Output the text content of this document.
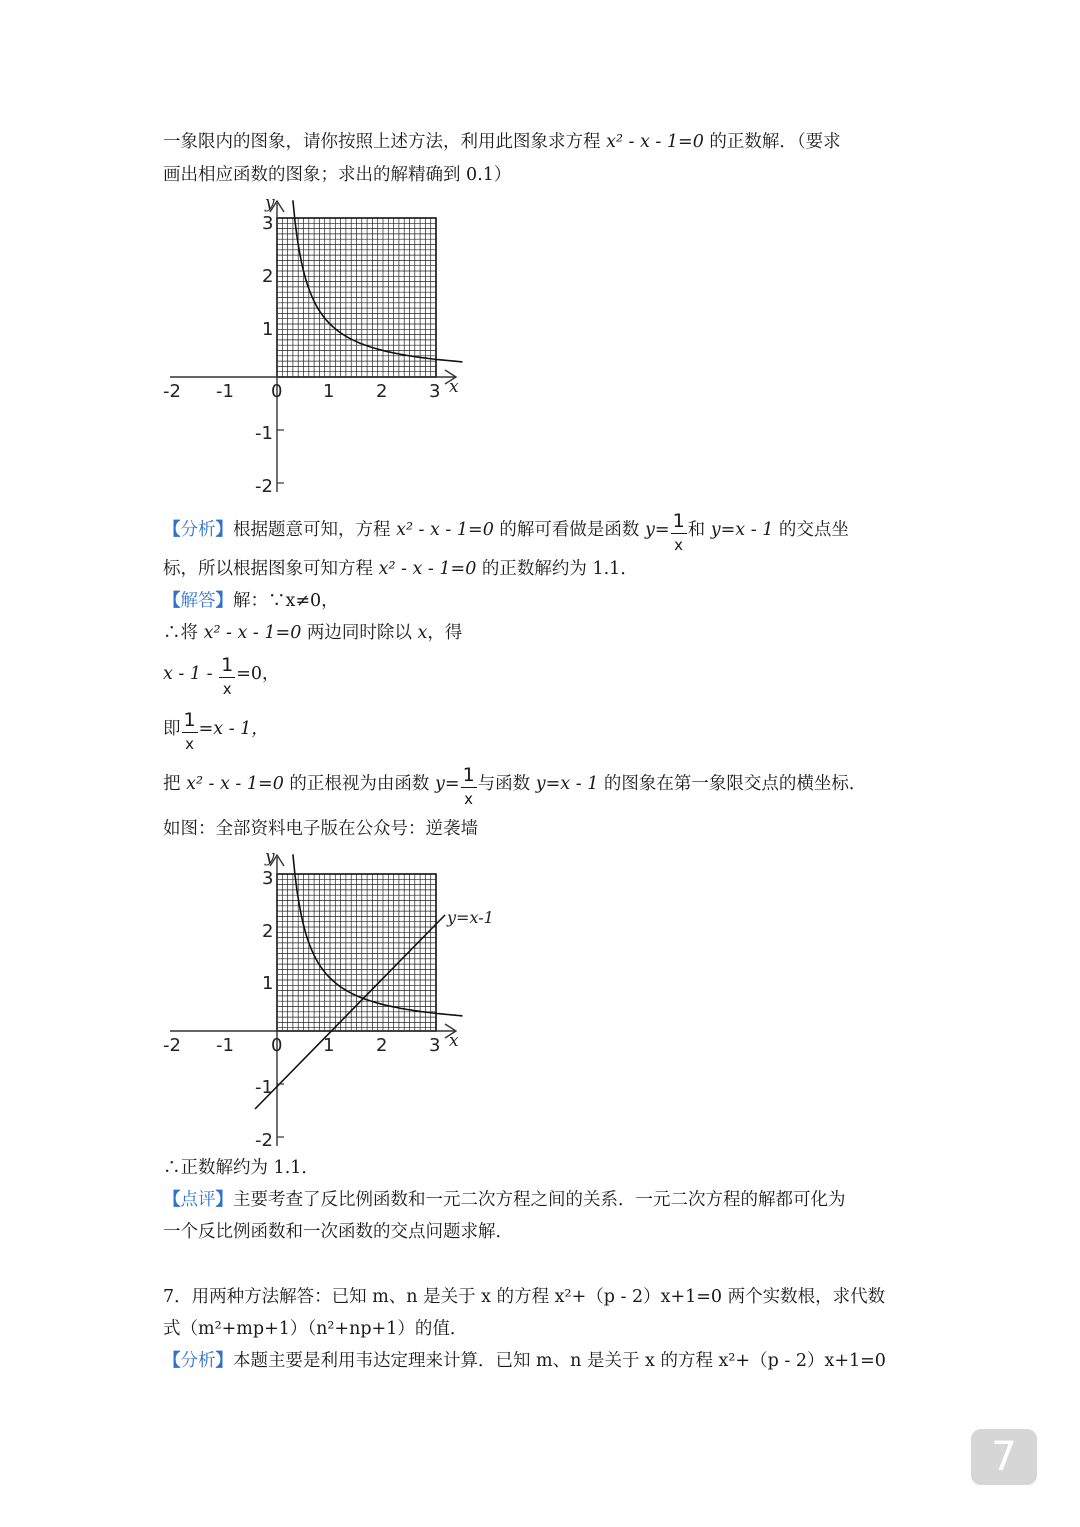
一象限内的图象，请你按照上述方法，利用此图象求方程 x² - x - 1=0 的正数解．（要求
画出相应函数的图象；求出的解精确到 0.1）
-2 -1 0 1 2 3
3
2
1
-1
-2
x
y
【分析】根据题意可知，方程 x² - x - 1=0 的解可看做是函数 $y= \frac{1}{x}$ 和 y=x - 1 的交点坐
标，所以根据图象可知方程 x² - x - 1=0 的正数解约为 1.1．
【解答】解：∵x≠0，
∴将 x² - x - 1=0 两边同时除以 x，得
$x - 1 - \frac{1}{x} =0$，
即 $\frac{1}{x} =x - 1$，
把 x² - x - 1=0 的正根视为由函数 $y= \frac{1}{x}$ 与函数 y=x - 1 的图象在第一象限交点的横坐标．
如图：全部资料电子版在公众号：逆袭墙
y=x-1
-2 -1 0 1 2 3
3
2
1
-1
-2
x
y
∴正数解约为 1.1．
【点评】主要考查了反比例函数和一元二次方程之间的关系．一元二次方程的解都可化为
一个反比例函数和一次函数的交点问题求解．
7．用两种方法解答：已知 m、n 是关于 x 的方程 x²+（p - 2）x+1=0 两个实数根，求代数
式（m²+mp+1）（n²+np+1）的值．
【分析】本题主要是利用韦达定理来计算．已知 m、n 是关于 x 的方程 x²+（p - 2）x+1=0
7
